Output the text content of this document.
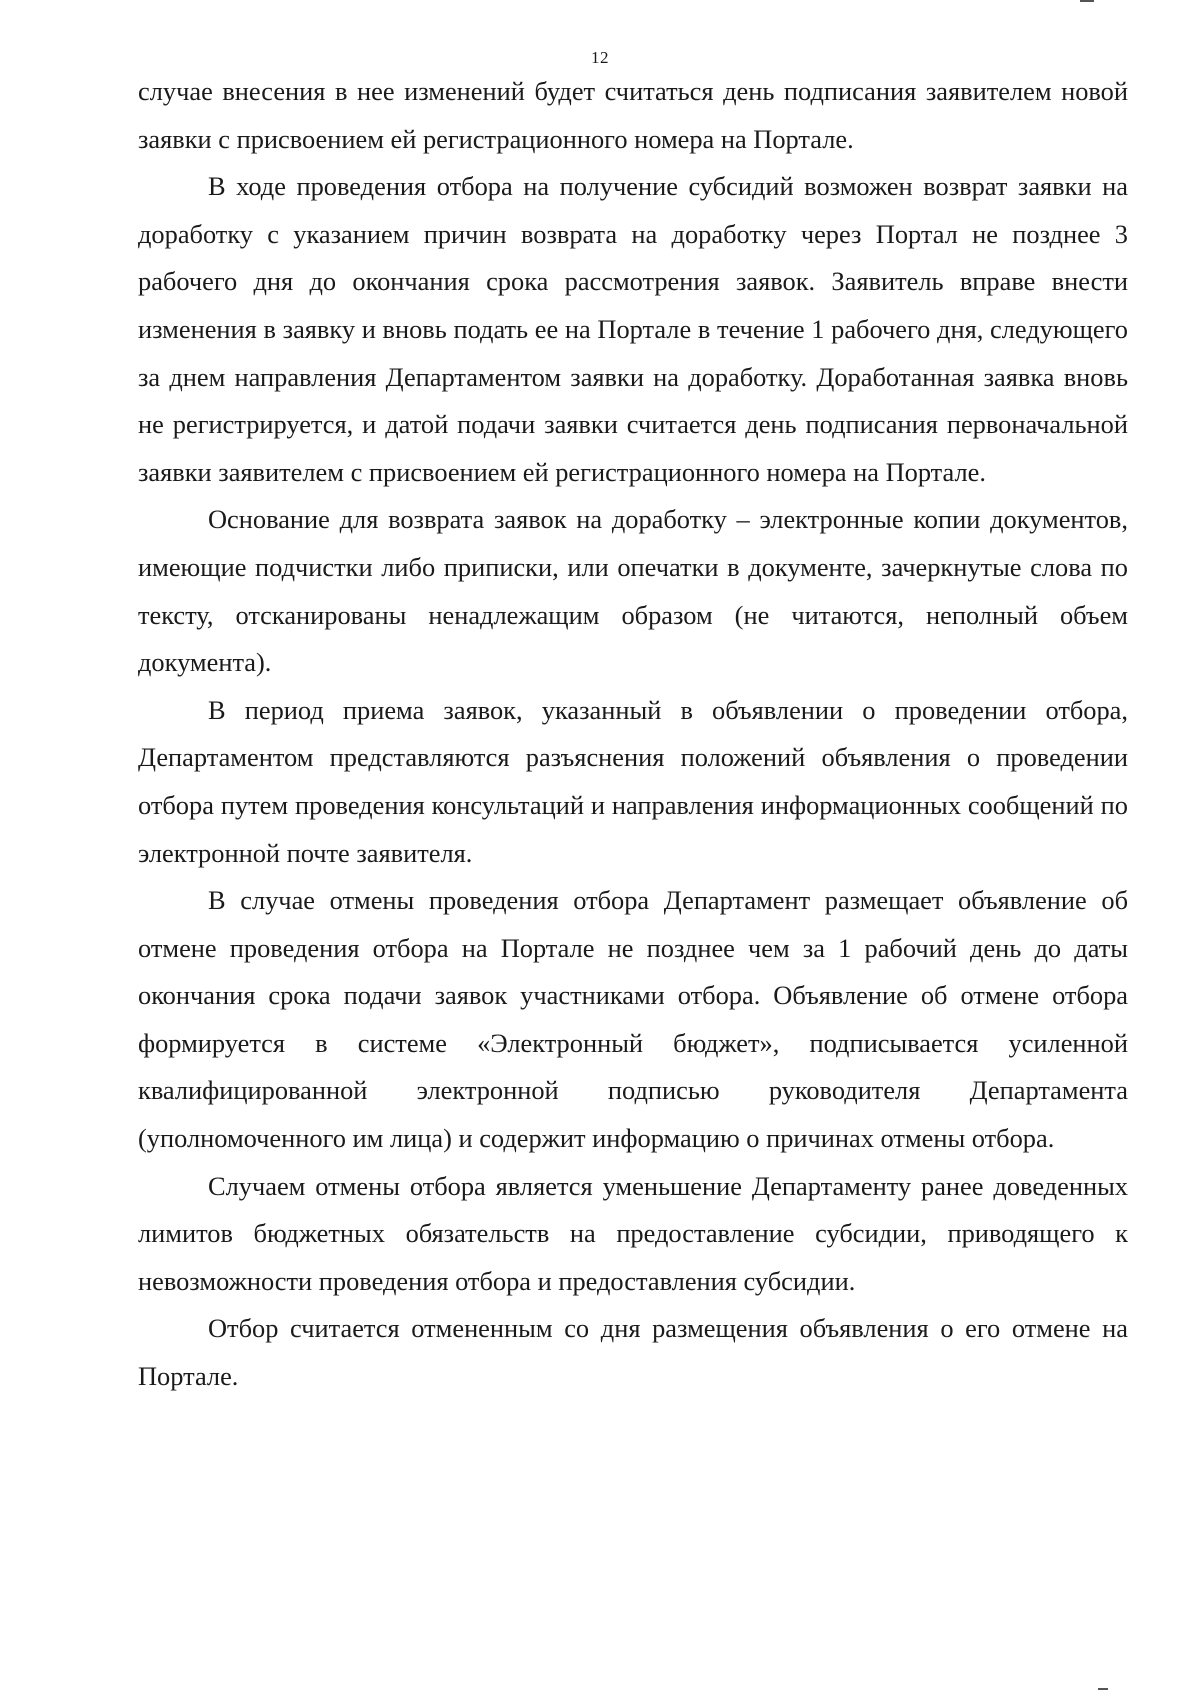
12

случае внесения в нее изменений будет считаться день подписания заявителем новой заявки с присвоением ей регистрационного номера на Портале.

В ходе проведения отбора на получение субсидий возможен возврат заявки на доработку с указанием причин возврата на доработку через Портал не позднее 3 рабочего дня до окончания срока рассмотрения заявок. Заявитель вправе внести изменения в заявку и вновь подать ее на Портале в течение 1 рабочего дня, следующего за днем направления Департаментом заявки на доработку. Доработанная заявка вновь не регистрируется, и датой подачи заявки считается день подписания первоначальной заявки заявителем с присвоением ей регистрационного номера на Портале.

Основание для возврата заявок на доработку – электронные копии документов, имеющие подчистки либо приписки, или опечатки в документе, зачеркнутые слова по тексту, отсканированы ненадлежащим образом (не читаются, неполный объем документа).

В период приема заявок, указанный в объявлении о проведении отбора, Департаментом представляются разъяснения положений объявления о проведении отбора путем проведения консультаций и направления информационных сообщений по электронной почте заявителя.

В случае отмены проведения отбора Департамент размещает объявление об отмене проведения отбора на Портале не позднее чем за 1 рабочий день до даты окончания срока подачи заявок участниками отбора. Объявление об отмене отбора формируется в системе «Электронный бюджет», подписывается усиленной квалифицированной электронной подписью руководителя Департамента (уполномоченного им лица) и содержит информацию о причинах отмены отбора.

Случаем отмены отбора является уменьшение Департаменту ранее доведенных лимитов бюджетных обязательств на предоставление субсидии, приводящего к невозможности проведения отбора и предоставления субсидии.

Отбор считается отмененным со дня размещения объявления о его отмене на Портале.
